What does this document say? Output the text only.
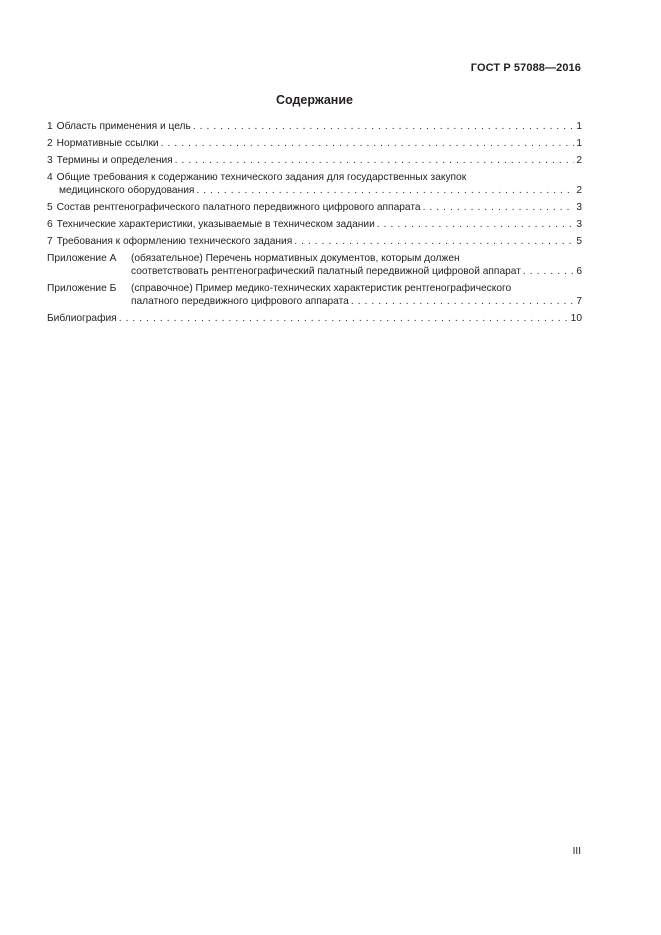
ГОСТ Р 57088—2016
Содержание
1 Область применения и цель . . .	1
2 Нормативные ссылки . . .	1
3 Термины и определения . . .	2
4 Общие требования к содержанию технического задания для государственных закупок
медицинского оборудования . . .	2
5 Состав рентгенографического палатного передвижного цифрового аппарата . . .	3
6 Технические характеристики, указываемые в техническом задании . . .	3
7 Требования к оформлению технического задания . . .	5
Приложение А	(обязательное) Перечень нормативных документов, которым должен
соответствовать рентгенографический палатный передвижной цифровой аппарат . . .	6
Приложение Б	(справочное) Пример медико-технических характеристик рентгенографического
палатного передвижного цифрового аппарата . . .	7
Библиография . . .	10
III
